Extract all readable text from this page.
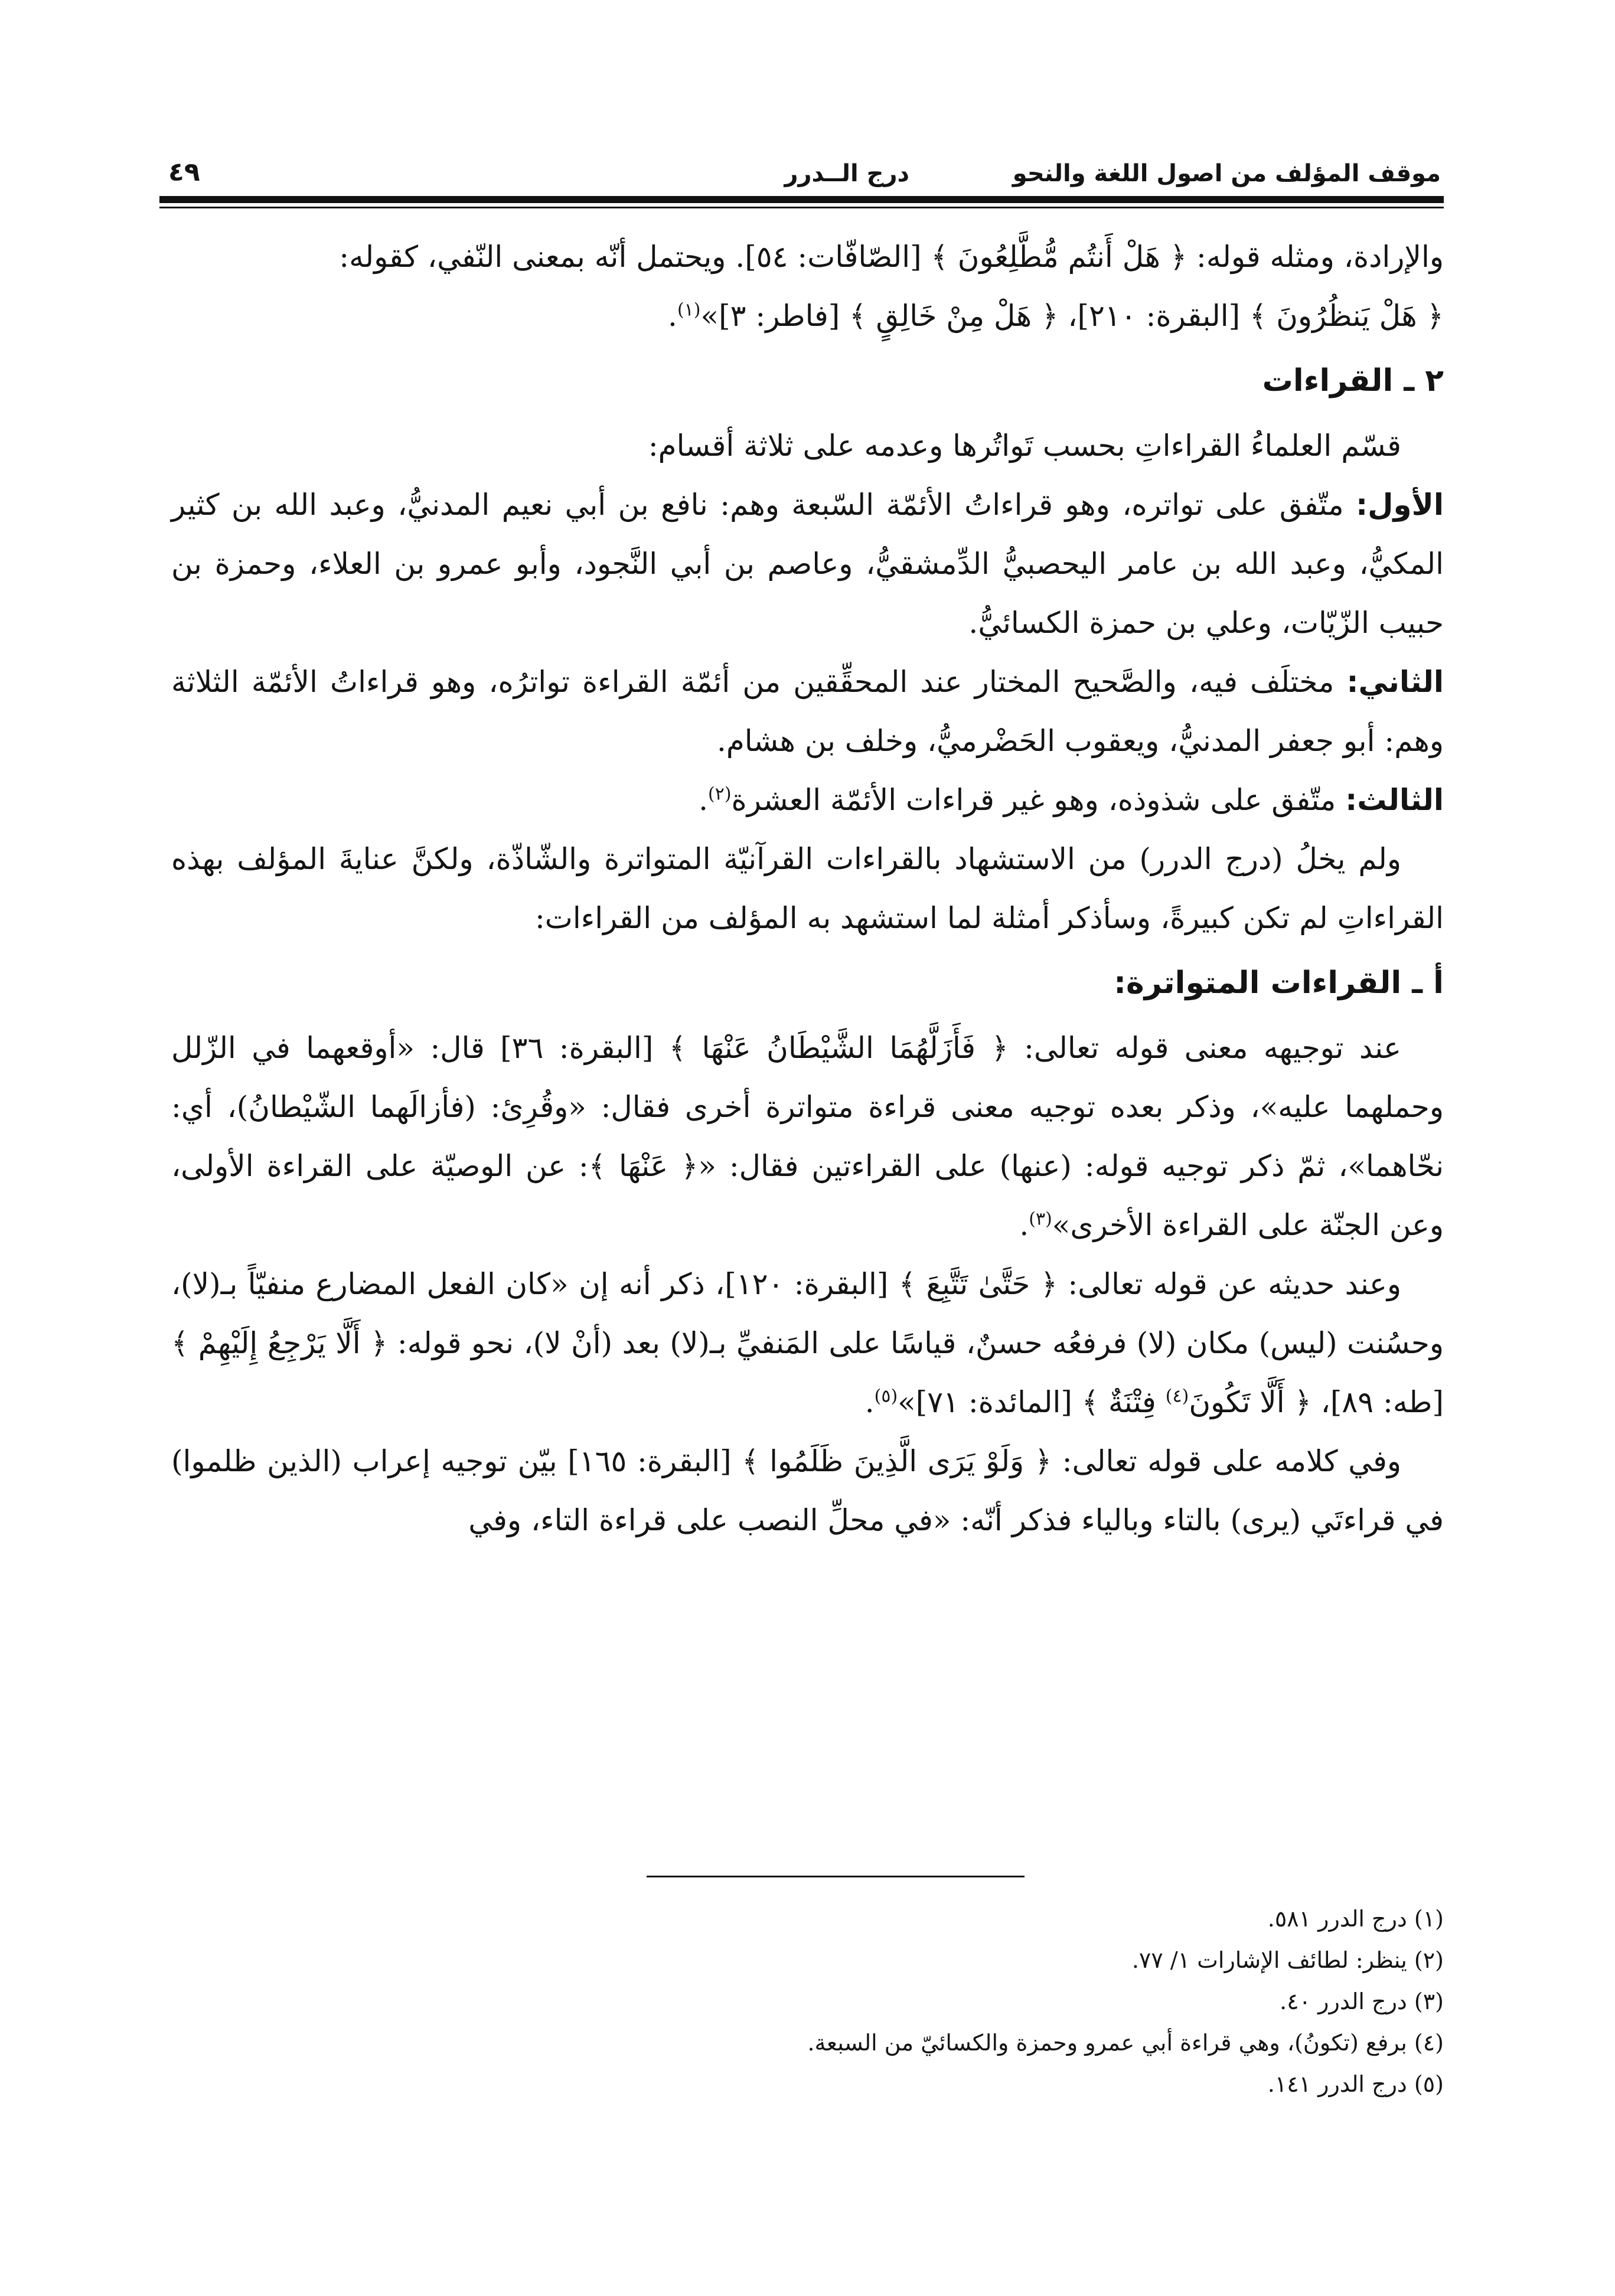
موقف المؤلف من اصول اللغة والنحو
درج الــدرر
٤٩

والإرادة، ومثله قوله: ﴿ هَلْ أَنتُم مُّطَّلِعُونَ ﴾ [الصّافّات: ٥٤]. ويحتمل أنّه بمعنى النّفي، كقوله:
﴿ هَلْ يَنظُرُونَ ﴾ [البقرة: ٢١٠]، ﴿ هَلْ مِنْ خَالِقٍ ﴾ [فاطر: ٣]»$^{(١)}$.

٢ ـ القراءات

قسّم العلماءُ القراءاتِ بحسب تَواتُرها وعدمه على ثلاثة أقسام:

الأول: متّفق على تواتره، وهو قراءاتُ الأئمّة السّبعة وهم: نافع بن أبي نعيم المدنيُّ، وعبد الله بن كثير المكيُّ، وعبد الله بن عامر اليحصبيُّ الدِّمشقيُّ، وعاصم بن أبي النَّجود، وأبو عمرو بن العلاء، وحمزة بن حبيب الزّيّات، وعلي بن حمزة الكسائيُّ.

الثاني: مختلَف فيه، والصَّحيح المختار عند المحقِّقين من أئمّة القراءة تواترُه، وهو قراءاتُ الأئمّة الثلاثة وهم: أبو جعفر المدنيُّ، ويعقوب الحَضْرميُّ، وخلف بن هشام.

الثالث: متّفق على شذوذه، وهو غير قراءات الأئمّة العشرة$^{(٢)}$.

ولم يخلُ (درج الدرر) من الاستشهاد بالقراءات القرآنيّة المتواترة والشّاذّة، ولكنَّ عنايةَ المؤلف بهذه القراءاتِ لم تكن كبيرةً، وسأذكر أمثلة لما استشهد به المؤلف من القراءات:

أ ـ القراءات المتواترة:

عند توجيهه معنى قوله تعالى: ﴿ فَأَزَلَّهُمَا الشَّيْطَانُ عَنْهَا ﴾ [البقرة: ٣٦] قال: «أوقعهما في الزّلل وحملهما عليه»، وذكر بعده توجيه معنى قراءة متواترة أخرى فقال: «وقُرِئ: (فأزالَهما الشّيْطانُ)، أي: نحّاهما»، ثمّ ذكر توجيه قوله: (عنها) على القراءتين فقال: «﴿ عَنْهَا ﴾: عن الوصيّة على القراءة الأولى، وعن الجنّة على القراءة الأخرى»$^{(٣)}$.

وعند حديثه عن قوله تعالى: ﴿ حَتَّىٰ تَتَّبِعَ ﴾ [البقرة: ١٢٠]، ذكر أنه إن «كان الفعل المضارع منفيّاً بـ(لا)، وحسُنت (ليس) مكان (لا) فرفعُه حسنٌ، قياسًا على المَنفيِّ بـ(لا) بعد (أنْ لا)، نحو قوله: ﴿ أَلَّا يَرْجِعُ إِلَيْهِمْ ﴾ [طه: ٨٩]، ﴿ أَلَّا تَكُونَ$^{(٤)}$ فِتْنَةٌ ﴾ [المائدة: ٧١]»$^{(٥)}$.

وفي كلامه على قوله تعالى: ﴿ وَلَوْ يَرَى الَّذِينَ ظَلَمُوا ﴾ [البقرة: ١٦٥] بيّن توجيه إعراب (الذين ظلموا) في قراءتَي (يرى) بالتاء وبالياء فذكر أنّه: «في محلِّ النصب على قراءة التاء، وفي

(١) درج الدرر ٥٨١.

(٢) ينظر: لطائف الإشارات ١/ ٧٧.

(٣) درج الدرر ٤٠.

(٤) برفع (تكونُ)، وهي قراءة أبي عمرو وحمزة والكسائيّ من السبعة.

(٥) درج الدرر ١٤١.
